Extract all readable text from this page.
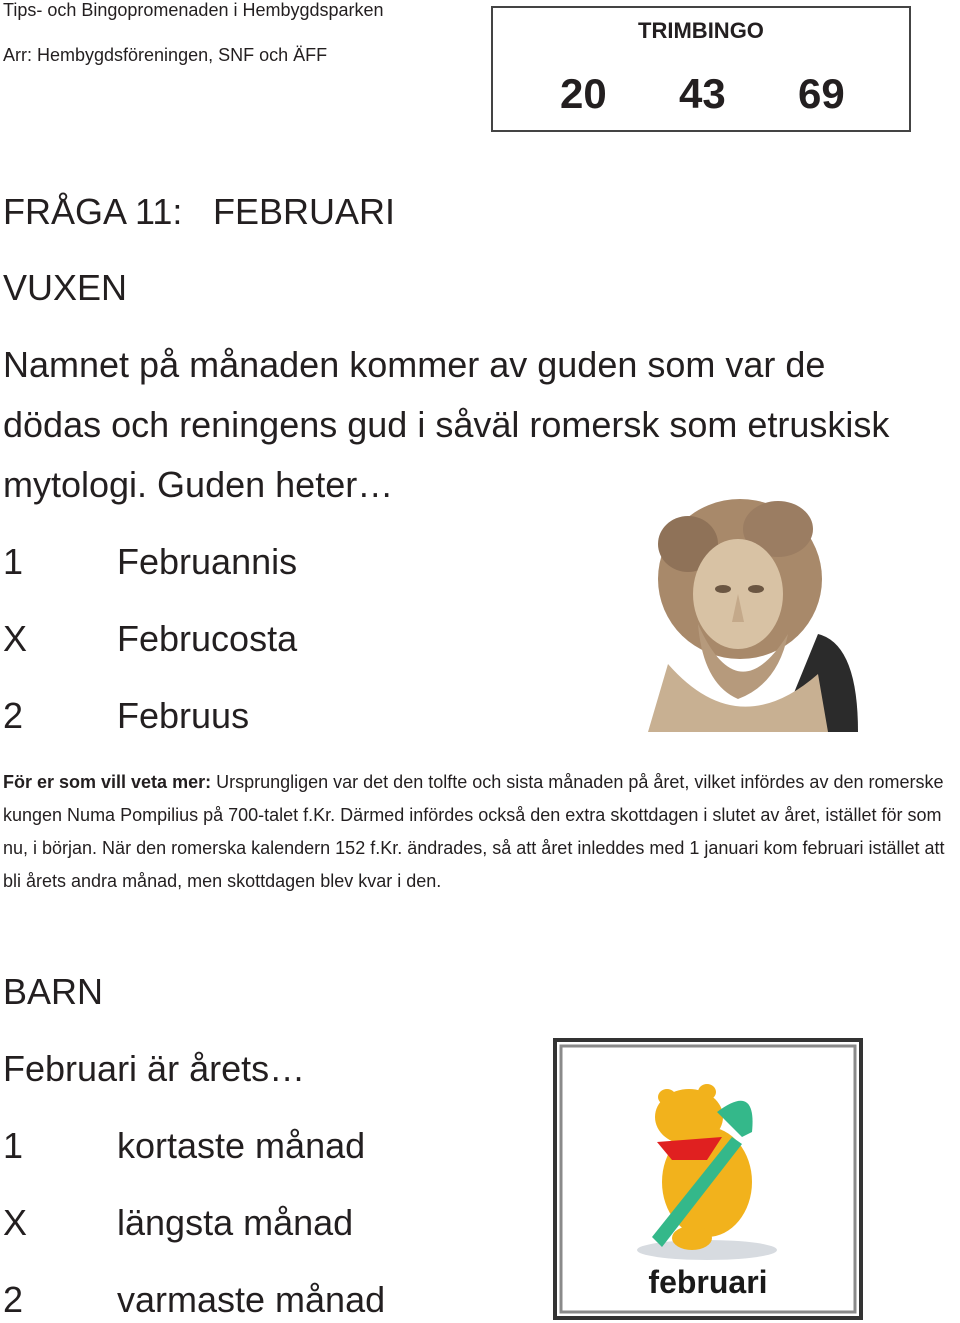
Tips- och Bingopromenaden i Hembygdsparken
Arr: Hembygdsföreningen, SNF och ÄFF
TRIMBINGO
20 43 69
FRÅGA 11: FEBRUARI
VUXEN
Namnet på månaden kommer av guden som var de
dödas och reningens gud i såväl romersk som etruskisk
mytologi. Guden heter…
1	Februannis
X Februcosta
2	Februus
För er som vill veta mer: Ursprungligen var det den tolfte och sista månaden på året, vilket infördes av den romerske kungen Numa Pompilius på 700-talet f.Kr. Därmed infördes också den extra skottdagen i slutet av året, istället för som nu, i början. När den romerska kalendern 152 f.Kr. ändrades, så att året inleddes med 1 januari kom februari istället att bli årets andra månad, men skottdagen blev kvar i den.
BARN
Februari är årets…
1	kortaste månad
X längsta månad
2	varmaste månad	februari
